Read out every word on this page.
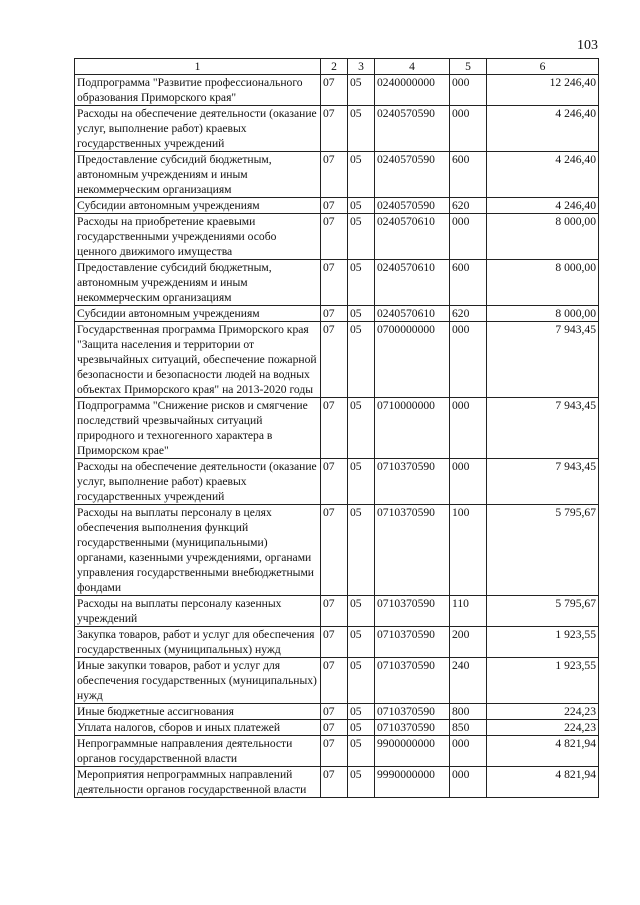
103
1	2	3	4	5	6
Подпрограмма "Развитие профессионального образования Приморского края"	07	05	0240000000	000	12 246,40
Расходы на обеспечение деятельности (оказание услуг, выполнение работ) краевых государственных учреждений	07	05	0240570590	000	4 246,40
Предоставление субсидий бюджетным, автономным учреждениям и иным некоммерческим организациям	07	05	0240570590	600	4 246,40
Субсидии автономным учреждениям	07	05	0240570590	620	4 246,40
Расходы на приобретение краевыми государственными учреждениями особо ценного движимого имущества	07	05	0240570610	000	8 000,00
Предоставление субсидий бюджетным, автономным учреждениям и иным некоммерческим организациям	07	05	0240570610	600	8 000,00
Субсидии автономным учреждениям	07	05	0240570610	620	8 000,00
Государственная программа Приморского края "Защита населения и территории от чрезвычайных ситуаций, обеспечение пожарной безопасности и безопасности людей на водных объектах Приморского края" на 2013-2020 годы	07	05	0700000000	000	7 943,45
Подпрограмма "Снижение рисков и смягчение последствий чрезвычайных ситуаций природного и техногенного характера в Приморском крае"	07	05	0710000000	000	7 943,45
Расходы на обеспечение деятельности (оказание услуг, выполнение работ) краевых государственных учреждений	07	05	0710370590	000	7 943,45
Расходы на выплаты персоналу в целях обеспечения выполнения функций государственными (муниципальными) органами, казенными учреждениями, органами управления государственными внебюджетными фондами	07	05	0710370590	100	5 795,67
Расходы на выплаты персоналу казенных учреждений	07	05	0710370590	110	5 795,67
Закупка товаров, работ и услуг для обеспечения государственных (муниципальных) нужд	07	05	0710370590	200	1 923,55
Иные закупки товаров, работ и услуг для обеспечения государственных (муниципальных) нужд	07	05	0710370590	240	1 923,55
Иные бюджетные ассигнования	07	05	0710370590	800	224,23
Уплата налогов, сборов и иных платежей	07	05	0710370590	850	224,23
Непрограммные направления деятельности органов государственной власти	07	05	9900000000	000	4 821,94
Мероприятия непрограммных направлений деятельности органов государственной власти	07	05	9990000000	000	4 821,94
